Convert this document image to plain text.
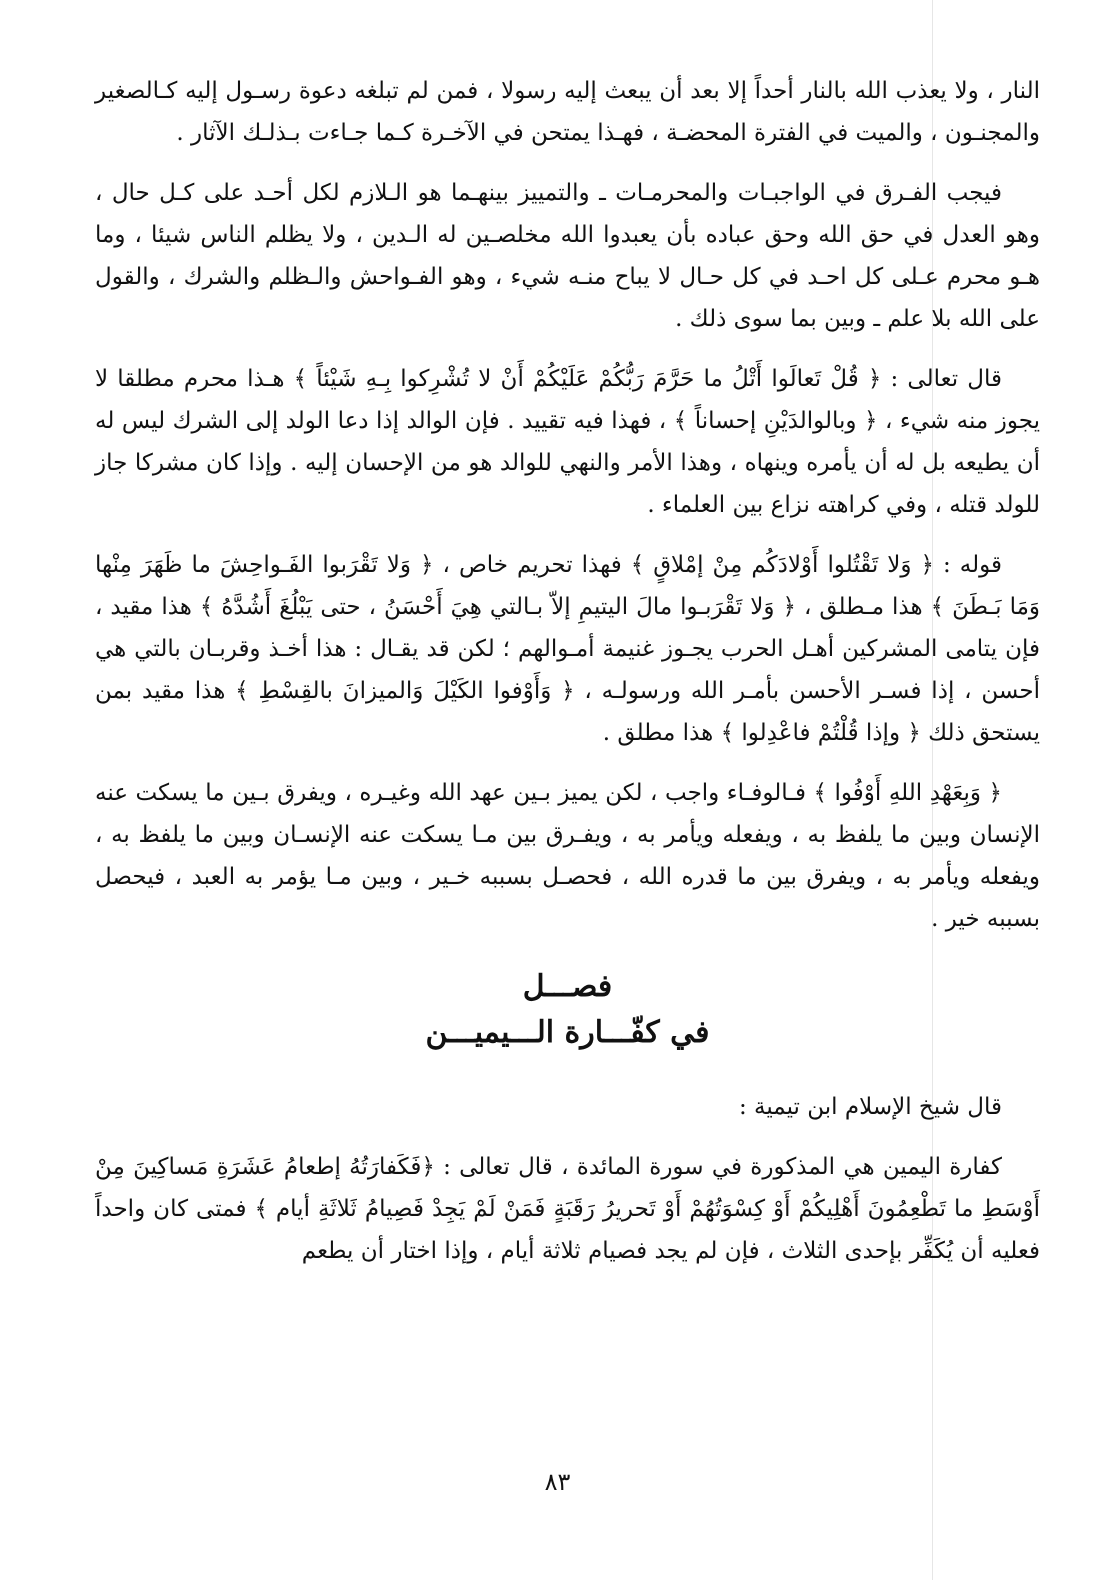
النار ، ولا يعذب الله بالنار أحداً إلا بعد أن يبعث إليه رسولا ، فمن لم تبلغه دعوة رسـول إليه كـالصغير والمجنـون ، والميت في الفترة المحضـة ، فهـذا يمتحن في الآخـرة كـما جـاءت بـذلـك الآثار .

فيجب الفـرق في الواجبـات والمحرمـات ـ والتمييز بينهـما هو الـلازم لكل أحـد على كـل حال ، وهو العدل في حق الله وحق عباده بأن يعبدوا الله مخلصـين له الـدين ، ولا يظلم الناس شيئا ، وما هـو محرم عـلى كل احـد في كل حـال لا يباح منـه شيء ، وهو الفـواحش والـظلم والشرك ، والقول على الله بلا علم ـ وبين بما سوى ذلك .

قال تعالى : ﴿ قُلْ تَعالَوا أَتْلُ ما حَرَّمَ رَبُّكُمْ عَلَيْكُمْ أَنْ لا تُشْرِكوا بِـهِ شَيْئاً ﴾ هـذا محرم مطلقا لا يجوز منه شيء ، ﴿ وبالوالدَيْنِ إحساناً ﴾ ، فهذا فيه تقييد . فإن الوالد إذا دعا الولد إلى الشرك ليس له أن يطيعه بل له أن يأمره وينهاه ، وهذا الأمر والنهي للوالد هو من الإحسان إليه . وإذا كان مشركا جاز للولد قتله ، وفي كراهته نزاع بين العلماء .

قوله : ﴿ وَلا تَقْتُلوا أَوْلادَكُم مِنْ إمْلاقٍ ﴾ فهذا تحريم خاص ، ﴿ وَلا تَقْرَبوا الفَـواحِشَ ما ظَهَرَ مِنْها وَمَا بَـطَنَ ﴾ هذا مـطلق ، ﴿ وَلا تَقْرَبـوا مالَ اليتيمِ إلاّ بـالتي هِيَ أَحْسَنُ ، حتى يَبْلُغَ أَشُدَّهُ ﴾ هذا مقيد ، فإن يتامى المشركين أهـل الحرب يجـوز غنيمة أمـوالهم ؛ لكن قد يقـال : هذا أخـذ وقربـان بالتي هي أحسن ، إذا فسـر الأحسن بأمـر الله ورسولـه ، ﴿ وَأَوْفوا الكَيْلَ وَالميزانَ بالقِسْطِ ﴾ هذا مقيد بمن يستحق ذلك ﴿ وإذا قُلْتُمْ فاعْدِلوا ﴾ هذا مطلق .

﴿ وَبِعَهْدِ اللهِ أَوْفُوا ﴾ فـالوفـاء واجب ، لكن يميز بـين عهد الله وغيـره ، ويفرق بـين ما يسكت عنه الإنسان وبين ما يلفظ به ، ويفعله ويأمر به ، ويفـرق بين مـا يسكت عنه الإنسـان وبين ما يلفظ به ، ويفعله ويأمر به ، ويفرق بين ما قدره الله ، فحصـل بسببه خـير ، وبين مـا يؤمر به العبد ، فيحصل بسببه خير .

فصـــل
في كفّـــارة الـــيميـــن

قال شيخ الإسلام ابن تيمية :

كفارة اليمين هي المذكورة في سورة المائدة ، قال تعالى : ﴿فَكَفارَتُهُ إطعامُ عَشَرَةِ مَساكِينَ مِنْ أَوْسَطِ ما تَطْعِمُونَ أَهْلِيكُمْ أَوْ كِسْوَتُهُمْ أَوْ تَحريرُ رَقَبَةٍ فَمَنْ لَمْ يَجِدْ فَصِيامُ ثَلاثَةِ أيام ﴾ فمتى كان واحداً فعليه أن يُكَفِّر بإحدى الثلاث ، فإن لم يجد فصيام ثلاثة أيام ، وإذا اختار أن يطعم

٨٣
